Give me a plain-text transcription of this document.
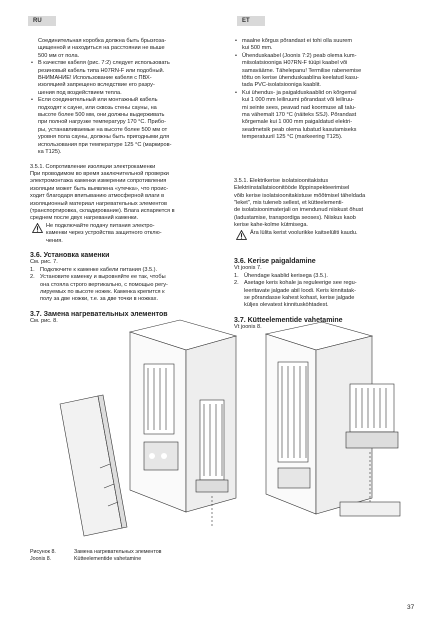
RU	ET

Соединительная коробка должна быть брызгоза-

щищенной и находиться на расстоянии не выше

500 мм от пола.

• В качестве кабеля (рис. 7:2) следует использовать

резиновый кабель типа H07RN-F или подобный.

ВНИМАНИЕ! Использование кабеля с ПВХ-

изоляцией запрещено вследствие его разру-

шения под воздействием тепла.

• Если соединительный или монтажный кабель

подходят к сауне, или сквозь стены сауны, на

высоте более 500 мм, они должны выдерживать

при полной нагрузке температуру 170 °С. Прибо-

ры, устанавливаемые на высоте более 500 мм от

уровня пола сауны, должны быть пригодными для

использования при температуре 125 °С (маркиров-

ка T125).

3.5.1. Сопротивление изоляции электрокаменки

При проводимом во время заключительной проверки

электромонтажа каменки измерении сопротивления

изоляции может быть выявлена «утечка», что проис-

ходит благодаря впитыванию атмосферной влаги в

изоляционный материал нагревательных элементов

(транспортировка, складирование). Влага испаряется в

среднем после двух нагреваний каменки.

Не подключайте подачу питания электро-

каменки через устройства защитного отклю-

чения.

3.6. Установка каменки

См. рис. 7.

1. Подключите к каменке кабели питания (3.5.).

2. Установите каменку и выровняйте ее так, чтобы

она стояла строго вертикально, с помощью регу-

лируемых по высоте ножек. Каменка крепится к

полу за две ножки, т.е. за две точки в ножках.

3.7. Замена нагревательных элементов

См. рис. 8.

• maalne kõrgus põrandast ei tohi olla suurem

kui 500 mm.

• Ühenduskaabel (Joonis 7:2) peab olema kum-

miisolatsiooniga H07RN-F tüüpi kaabel või

samaväärne. Tähelepanu! Termilise rabenemise

tõttu on kerise ühenduskaablina keelatud kasu-

tada PVC-isolatsiooniga kaablit.

• Kui ühendus- ja paigalduskaablid on kõrgemal

kui 1 000 mm leiliruumi põrandast või leiliruu-

mi seinte sees, peavad nad koormuse all talu-

ma vähemalt 170 °C (näiteks SSJ). Põrandast

kõrgemale kui 1 000 mm paigaldatud elektri-

seadmetsik peab olema lubatud kasutamiseks

temperatuuril 125 °C (markeering T125).

3.5.1. Elektrikerise isolatsioonitakistus

Elektriinstallatsioonitööde lõppinspekteerimisel

võib kerise isolatsioonitakistuse mõõtmisel täheldada

"leket", mis tuleneb sellest, et kütteelementi-

de isolatsioonimaterjali on imendunud niiskust õhust

(ladustamise, transpordiga seoses). Niiskus kaob

kerise kahe-kolme kütmisega.

Ära lülita kerist voolurikke kaitselüliti kaudu.

3.6. Kerise paigaldamine

Vt joonis 7.

1. Ühendage kaablid kerisega (3.5.).

2. Asetage keris kohale ja reguleerige see regu-

leeritavate jalgade abil loodi. Keris kinnitatak-

se põrandasse kahest kohast, kerise jalgade

küljes olevatest kinnitusköhtadest.

3.7. Kütteelementide vahetamine

Vt joonis 8.

Рисунок 8.	Замена нагревательных элементов
Joonis 8.	Kütteelementide vahetamine
37
